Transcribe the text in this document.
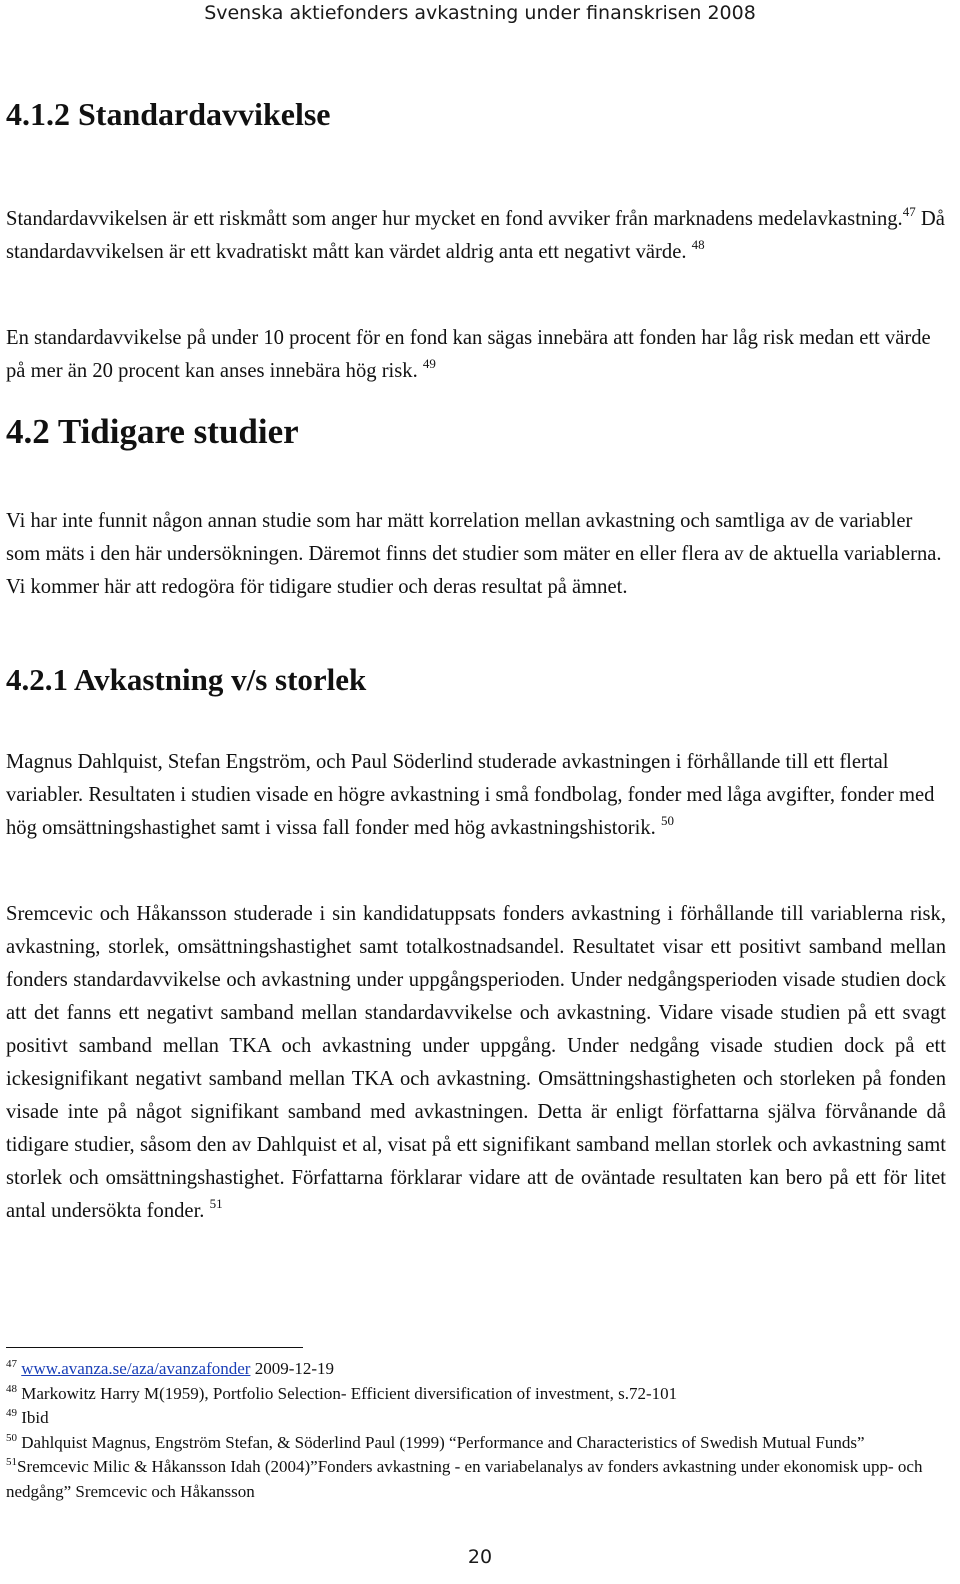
Svenska aktiefonders avkastning under finanskrisen 2008
4.1.2 Standardavvikelse

Standardavvikelsen är ett riskmått som anger hur mycket en fond avviker från marknadens medelavkastning.$^{47}$ Då standardavvikelsen är ett kvadratiskt mått kan värdet aldrig anta ett negativt värde. $^{48}$

En standardavvikelse på under 10 procent för en fond kan sägas innebära att fonden har låg risk medan ett värde på mer än 20 procent kan anses innebära hög risk. $^{49}$

4.2 Tidigare studier

Vi har inte funnit någon annan studie som har mätt korrelation mellan avkastning och samtliga av de variabler som mäts i den här undersökningen. Däremot finns det studier som mäter en eller flera av de aktuella variablerna. Vi kommer här att redogöra för tidigare studier och deras resultat på ämnet.

4.2.1 Avkastning v/s storlek

Magnus Dahlquist, Stefan Engström, och Paul Söderlind studerade avkastningen i förhållande till ett flertal variabler. Resultaten i studien visade en högre avkastning i små fondbolag, fonder med låga avgifter, fonder med hög omsättningshastighet samt i vissa fall fonder med hög avkastningshistorik. $^{50}$

Sremcevic och Håkansson studerade i sin kandidatuppsats fonders avkastning i förhållande till variablerna risk, avkastning, storlek, omsättningshastighet samt totalkostnadsandel. Resultatet visar ett positivt samband mellan fonders standardavvikelse och avkastning under uppgångsperioden. Under nedgångsperioden visade studien dock att det fanns ett negativt samband mellan standardavvikelse och avkastning. Vidare visade studien på ett svagt positivt samband mellan TKA och avkastning under uppgång. Under nedgång visade studien dock på ett ickesignifikant negativt samband mellan TKA och avkastning. Omsättningshastigheten och storleken på fonden visade inte på något signifikant samband med avkastningen. Detta är enligt författarna själva förvånande då tidigare studier, såsom den av Dahlquist et al, visat på ett signifikant samband mellan storlek och avkastning samt storlek och omsättningshastighet. Författarna förklarar vidare att de oväntade resultaten kan bero på ett för litet antal undersökta fonder. $^{51}$

$^{47}$ www.avanza.se/aza/avanzafonder 2009-12-19
$^{48}$ Markowitz Harry M(1959), Portfolio Selection- Efficient diversification of investment, s.72-101
$^{49}$ Ibid
$^{50}$ Dahlquist Magnus, Engström Stefan, & Söderlind Paul (1999) “Performance and Characteristics of Swedish Mutual Funds”
$^{51}$Sremcevic Milic & Håkansson Idah (2004)”Fonders avkastning - en variabelanalys av fonders avkastning under ekonomisk upp- och nedgång” Sremcevic och Håkansson
20
